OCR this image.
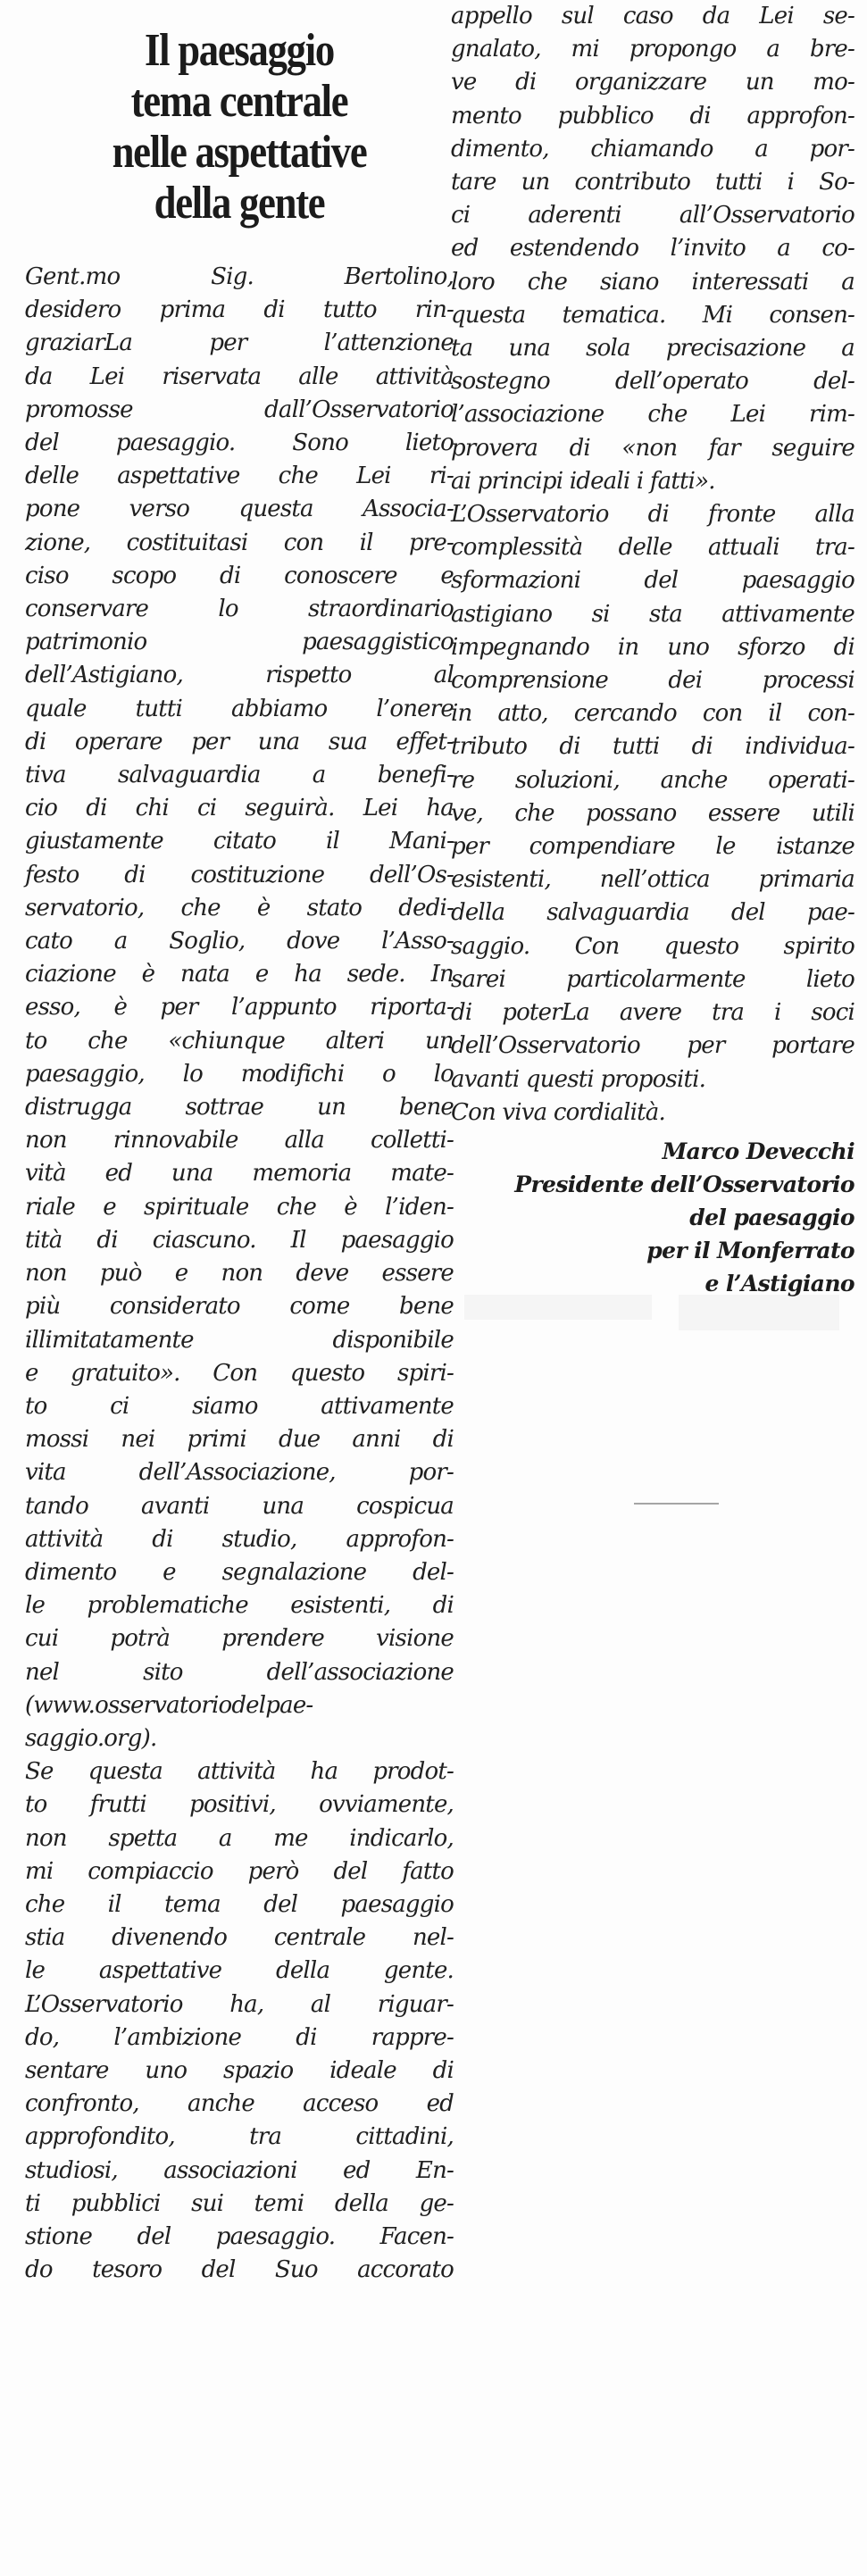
Il paesaggio
tema centrale
nelle aspettative
della gente
Gent.mo Sig. Bertolino,
desidero prima di tutto rin-
graziarLa per l’attenzione
da Lei riservata alle attività
promosse dall’Osservatorio
del paesaggio. Sono lieto
delle aspettative che Lei ri-
pone verso questa Associa-
zione, costituitasi con il pre-
ciso scopo di conoscere e
conservare lo straordinario
patrimonio paesaggistico
dell’Astigiano, rispetto al
quale tutti abbiamo l’onere
di operare per una sua effet-
tiva salvaguardia a benefi-
cio di chi ci seguirà. Lei ha
giustamente citato il Mani-
festo di costituzione dell’Os-
servatorio, che è stato dedi-
cato a Soglio, dove l’Asso-
ciazione è nata e ha sede. In
esso, è per l’appunto riporta-
to che «chiunque alteri un
paesaggio, lo modifichi o lo
distrugga sottrae un bene
non rinnovabile alla colletti-
vità ed una memoria mate-
riale e spirituale che è l’iden-
tità di ciascuno. Il paesaggio
non può e non deve essere
più considerato come bene
illimitatamente disponibile
e gratuito». Con questo spiri-
to ci siamo attivamente
mossi nei primi due anni di
vita dell’Associazione, por-
tando avanti una cospicua
attività di studio, approfon-
dimento e segnalazione del-
le problematiche esistenti, di
cui potrà prendere visione
nel sito dell’associazione
(www.osservatoriodelpae-
saggio.org).
Se questa attività ha prodot-
to frutti positivi, ovviamente,
non spetta a me indicarlo,
mi compiaccio però del fatto
che il tema del paesaggio
stia divenendo centrale nel-
le aspettative della gente.
L’Osservatorio ha, al riguar-
do, l’ambizione di rappre-
sentare uno spazio ideale di
confronto, anche acceso ed
approfondito, tra cittadini,
studiosi, associazioni ed En-
ti pubblici sui temi della ge-
stione del paesaggio. Facen-
do tesoro del Suo accorato
appello sul caso da Lei se-
gnalato, mi propongo a bre-
ve di organizzare un mo-
mento pubblico di approfon-
dimento, chiamando a por-
tare un contributo tutti i So-
ci aderenti all’Osservatorio
ed estendendo l’invito a co-
loro che siano interessati a
questa tematica. Mi consen-
ta una sola precisazione a
sostegno dell’operato del-
l’associazione che Lei rim-
provera di «non far seguire
ai principi ideali i fatti».
L’Osservatorio di fronte alla
complessità delle attuali tra-
sformazioni del paesaggio
astigiano si sta attivamente
impegnando in uno sforzo di
comprensione dei processi
in atto, cercando con il con-
tributo di tutti di individua-
re soluzioni, anche operati-
ve, che possano essere utili
per compendiare le istanze
esistenti, nell’ottica primaria
della salvaguardia del pae-
saggio. Con questo spirito
sarei particolarmente lieto
di poterLa avere tra i soci
dell’Osservatorio per portare
avanti questi propositi.
Con viva cordialità.
Marco Devecchi
Presidente dell’Osservatorio
del paesaggio
per il Monferrato
e l’Astigiano
